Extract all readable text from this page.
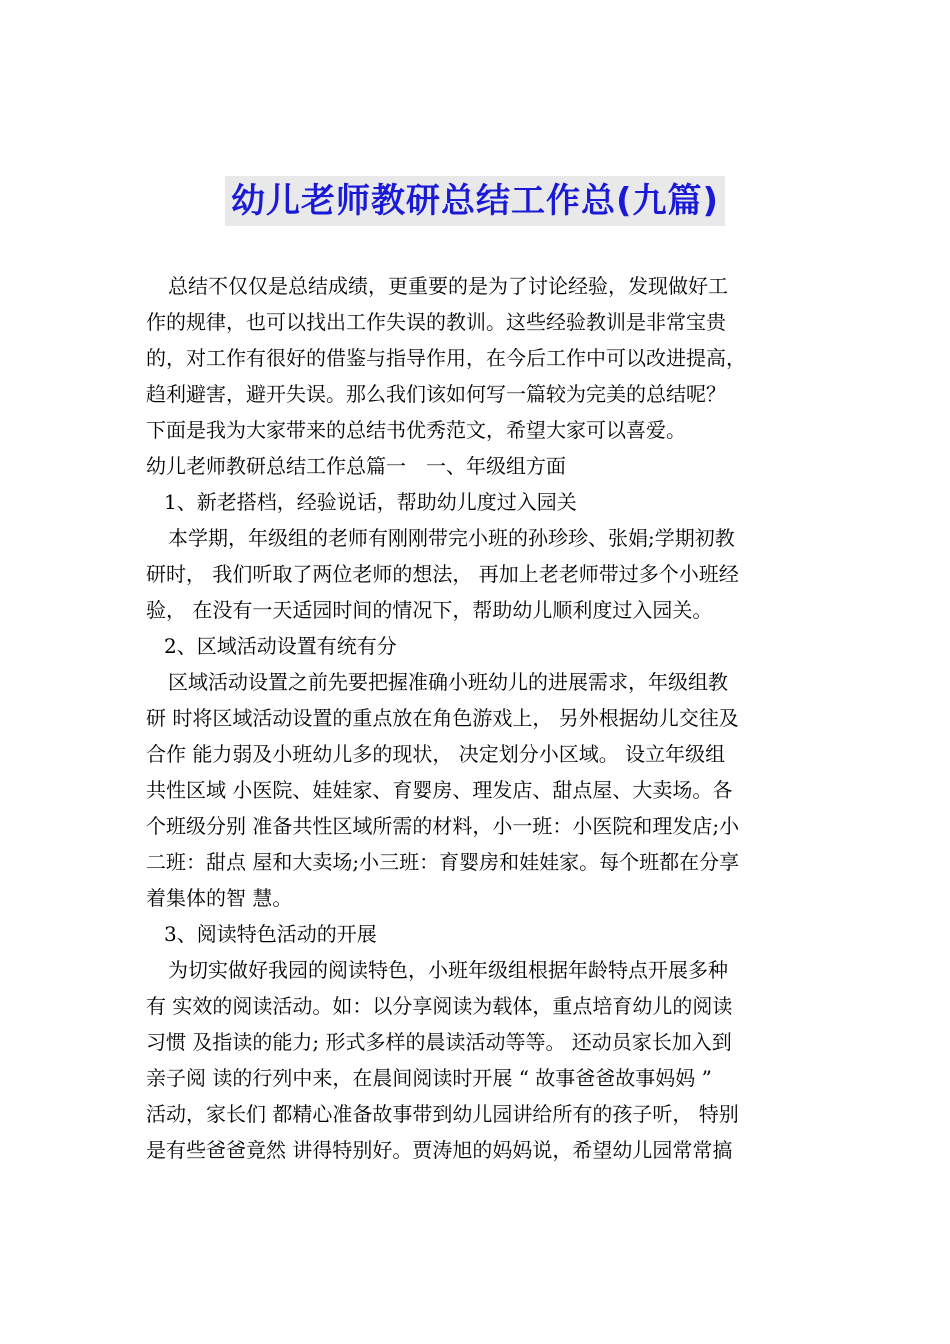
幼儿老师教研总结工作总(九篇)
总结不仅仅是总结成绩，更重要的是为了讨论经验，发现做好工
作的规律，也可以找出工作失误的教训。这些经验教训是非常宝贵
的，对工作有很好的借鉴与指导作用，在今后工作中可以改进提高，
趋利避害，避开失误。那么我们该如何写一篇较为完美的总结呢？
下面是我为大家带来的总结书优秀范文，希望大家可以喜爱。
幼儿老师教研总结工作总篇一　一、年级组方面
1、新老搭档，经验说话，帮助幼儿度过入园关
本学期，年级组的老师有刚刚带完小班的孙珍珍、张娟;学期初教
研时， 我们听取了两位老师的想法， 再加上老老师带过多个小班经
验， 在没有一天适园时间的情况下，帮助幼儿顺利度过入园关。
2、区域活动设置有统有分
区域活动设置之前先要把握准确小班幼儿的进展需求，年级组教
研 时将区域活动设置的重点放在角色游戏上， 另外根据幼儿交往及
合作 能力弱及小班幼儿多的现状， 决定划分小区域。 设立年级组
共性区域 小医院、娃娃家、育婴房、理发店、甜点屋、大卖场。各
个班级分别 准备共性区域所需的材料，小一班：小医院和理发店;小
二班：甜点 屋和大卖场;小三班：育婴房和娃娃家。每个班都在分享
着集体的智 慧。
3、阅读特色活动的开展
为切实做好我园的阅读特色，小班年级组根据年龄特点开展多种
有 实效的阅读活动。如：以分享阅读为载体，重点培育幼儿的阅读
习惯 及指读的能力; 形式多样的晨读活动等等。 还动员家长加入到
亲子阅 读的行列中来，在晨间阅读时开展 “ 故事爸爸故事妈妈 ”
活动，家长们 都精心准备故事带到幼儿园讲给所有的孩子听， 特别
是有些爸爸竟然 讲得特别好。贾涛旭的妈妈说，希望幼儿园常常搞
